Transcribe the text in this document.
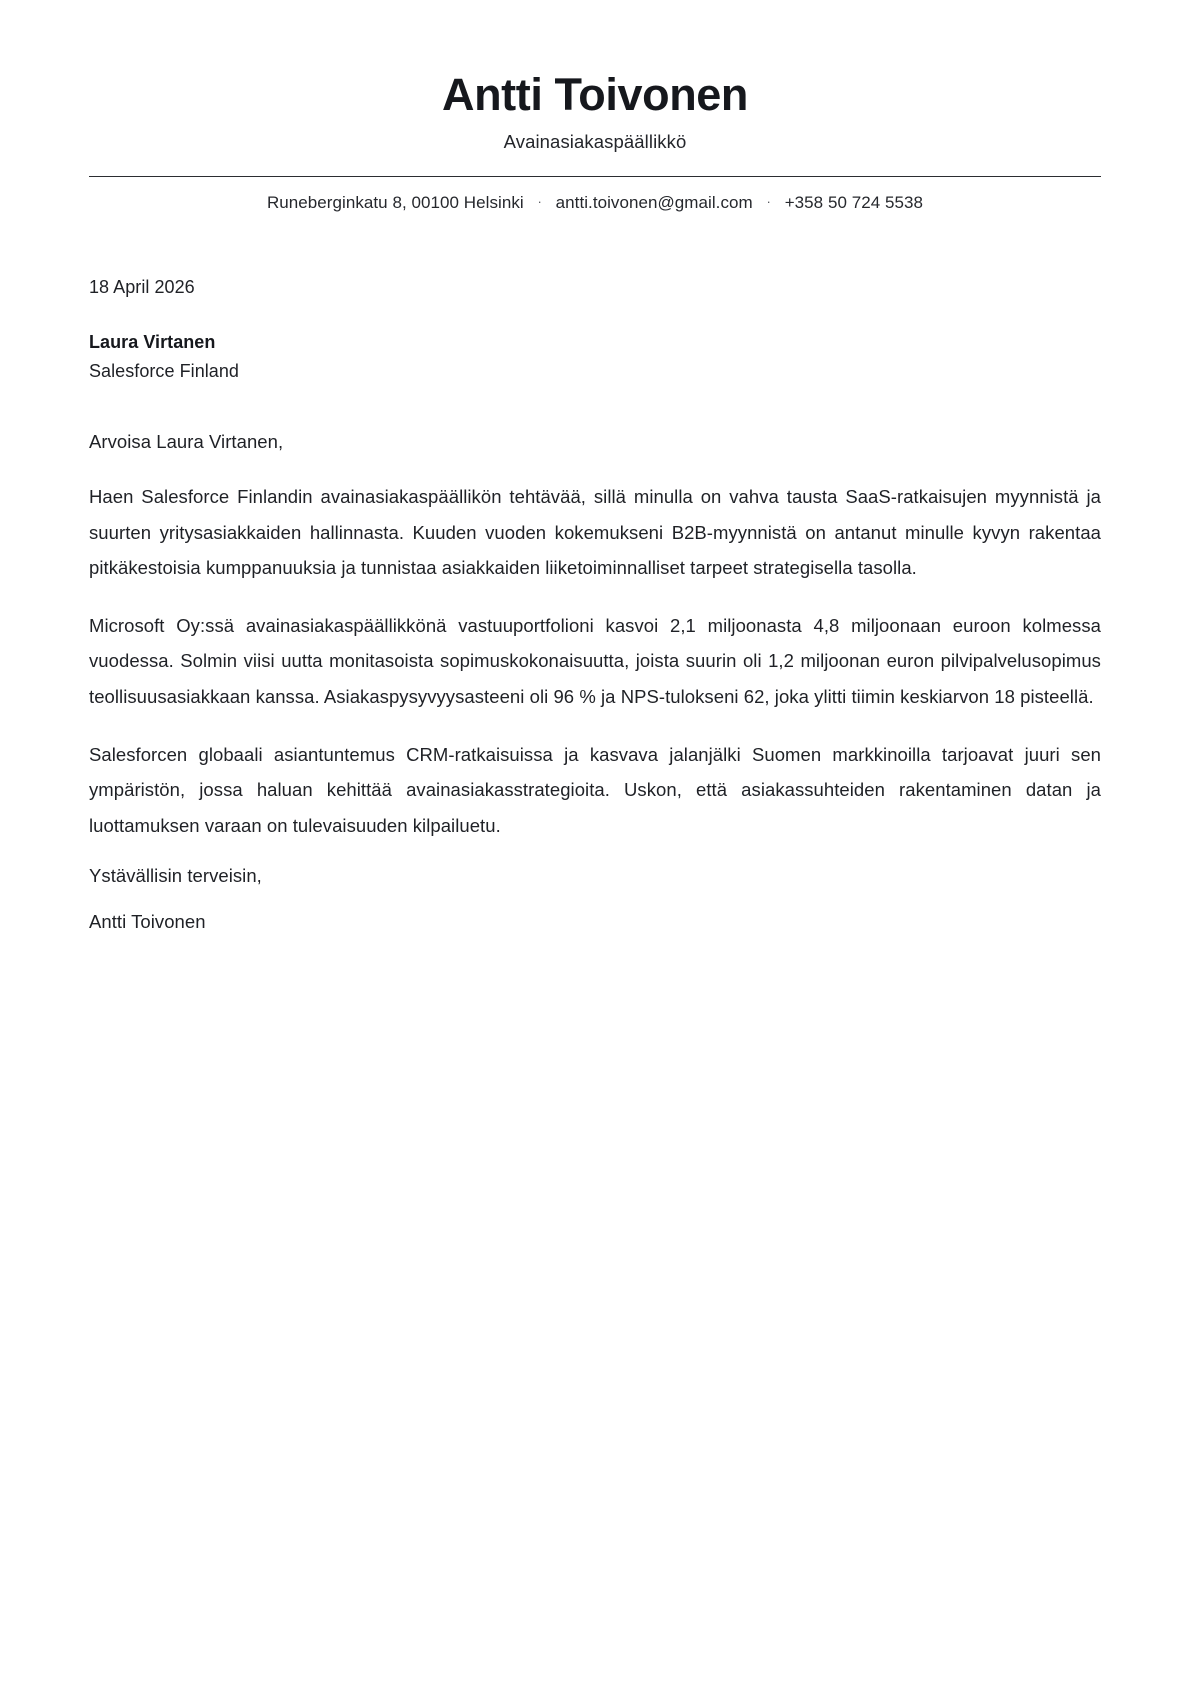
Antti Toivonen
Avainasiakaspäällikkö
Runeberginkatu 8, 00100 Helsinki · antti.toivonen@gmail.com · +358 50 724 5538
18 April 2026
Laura Virtanen
Salesforce Finland
Arvoisa Laura Virtanen,

Haen Salesforce Finlandin avainasiakaspäällikön tehtävää, sillä minulla on vahva tausta SaaS-ratkaisujen myynnistä ja suurten yritysasiakkaiden hallinnasta. Kuuden vuoden kokemukseni B2B-myynnistä on antanut minulle kyvyn rakentaa pitkäkestoisia kumppanuuksia ja tunnistaa asiakkaiden liiketoiminnalliset tarpeet strategisella tasolla.

Microsoft Oy:ssä avainasiakaspäällikkönä vastuuportfolioni kasvoi 2,1 miljoonasta 4,8 miljoonaan euroon kolmessa vuodessa. Solmin viisi uutta monitasoista sopimuskokonaisuutta, joista suurin oli 1,2 miljoonan euron pilvipalvelusopimus teollisuusasiakkaan kanssa. Asiakaspysyvyysasteeni oli 96 % ja NPS-tulokseni 62, joka ylitti tiimin keskiarvon 18 pisteellä.

Salesforcen globaali asiantuntemus CRM-ratkaisuissa ja kasvava jalanjälki Suomen markkinoilla tarjoavat juuri sen ympäristön, jossa haluan kehittää avainasiakasstrategioita. Uskon, että asiakassuhteiden rakentaminen datan ja luottamuksen varaan on tulevaisuuden kilpailuetu.

Ystävällisin terveisin,
Antti Toivonen
